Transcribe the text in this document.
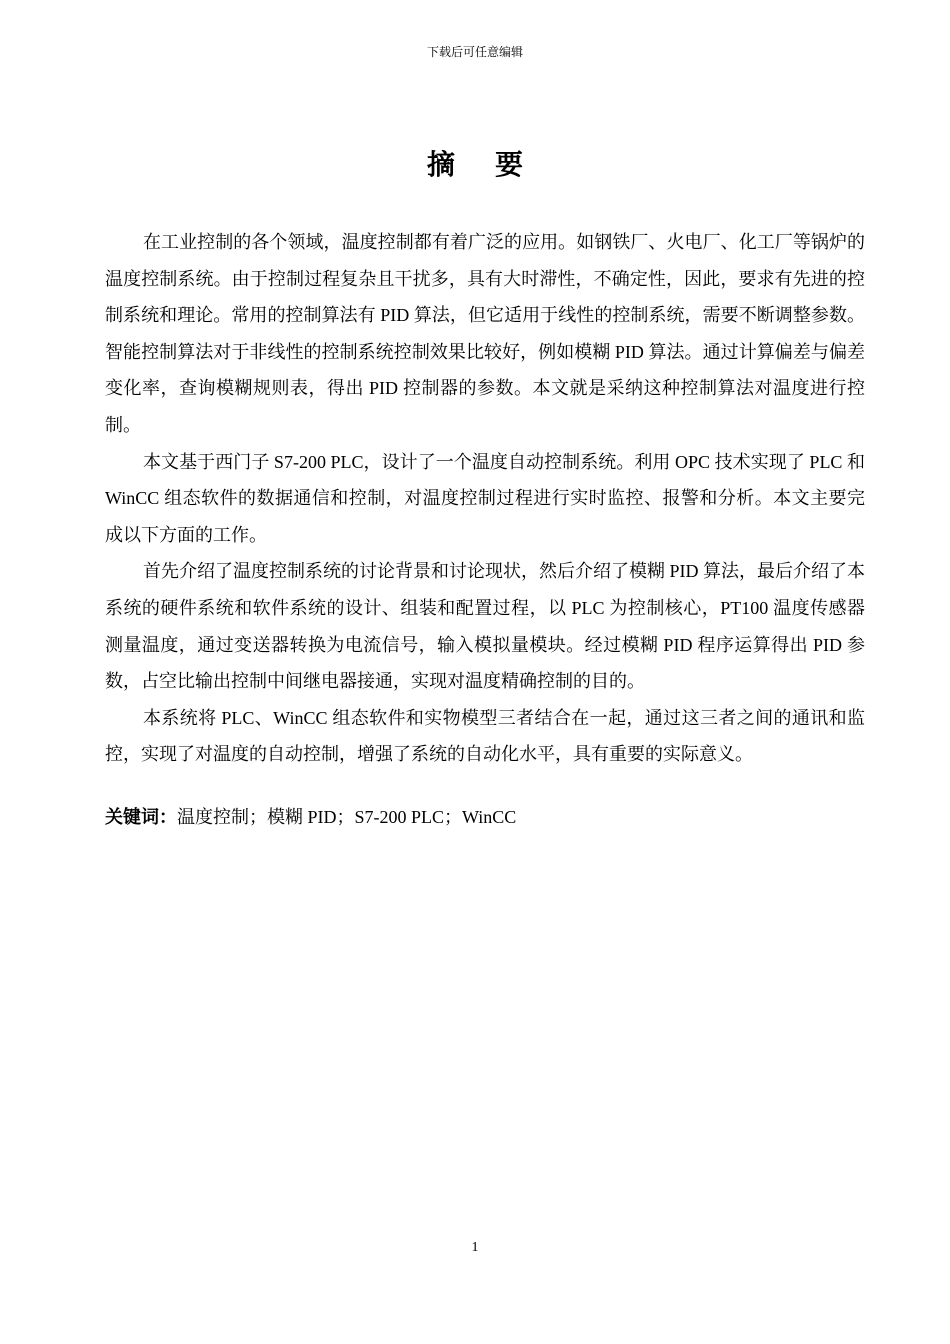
下载后可任意编辑
摘要

在工业控制的各个领域，温度控制都有着广泛的应用。如钢铁厂、火电厂、化工厂等锅炉的温度控制系统。由于控制过程复杂且干扰多，具有大时滞性，不确定性，因此，要求有先进的控制系统和理论。常用的控制算法有 PID 算法，但它适用于线性的控制系统，需要不断调整参数。智能控制算法对于非线性的控制系统控制效果比较好，例如模糊 PID 算法。通过计算偏差与偏差变化率，查询模糊规则表，得出 PID 控制器的参数。本文就是采纳这种控制算法对温度进行控制。

本文基于西门子 S7-200 PLC，设计了一个温度自动控制系统。利用 OPC 技术实现了 PLC 和 WinCC 组态软件的数据通信和控制，对温度控制过程进行实时监控、报警和分析。本文主要完成以下方面的工作。

首先介绍了温度控制系统的讨论背景和讨论现状，然后介绍了模糊 PID 算法，最后介绍了本系统的硬件系统和软件系统的设计、组装和配置过程，以 PLC 为控制核心，PT100 温度传感器测量温度，通过变送器转换为电流信号，输入模拟量模块。经过模糊 PID 程序运算得出 PID 参数，占空比输出控制中间继电器接通，实现对温度精确控制的目的。

本系统将 PLC、WinCC 组态软件和实物模型三者结合在一起，通过这三者之间的通讯和监控，实现了对温度的自动控制，增强了系统的自动化水平，具有重要的实际意义。

关键词：温度控制；模糊 PID；S7-200 PLC；WinCC
1
